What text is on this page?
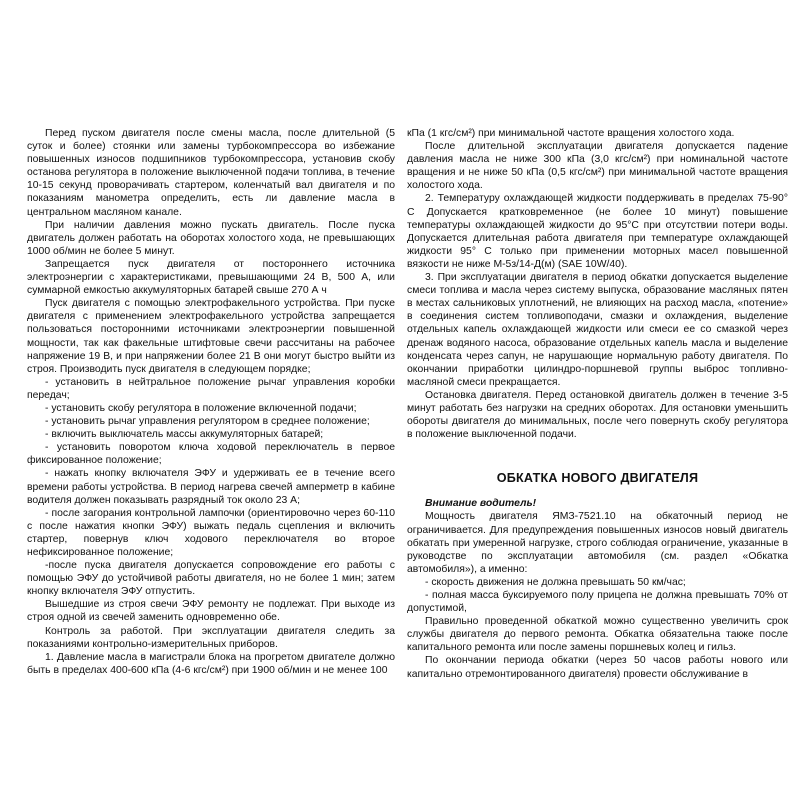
Перед пуском двигателя после смены масла, после длительной (5 суток и более) стоянки или замены турбокомпрессора во избежание повышенных износов подшипников турбокомпрессора, установив скобу останова регулятора в положение выключенной подачи топлива, в течение 10-15 секунд проворачивать стартером, коленчатый вал двигателя и по показаниям манометра определить, есть ли давление масла в центральном масляном канале.

При наличии давления можно пускать двигатель. После пуска двигатель должен работать на оборотах холостого хода, не превышающих 1000 об/мин не более 5 минут.

Запрещается пуск двигателя от постороннего источника электроэнергии с характеристиками, превышающими 24 В, 500 А, или суммарной емкостью аккумуляторных батарей свыше 270 А ч

Пуск двигателя с помощью электрофакельного устройства. При пуске двигателя с применением электрофакельного устройства запрещается пользоваться посторонними источниками электроэнергии повышенной мощности, так как факельные штифтовые свечи рассчитаны на рабочее напряжение 19 В, и при напряжении более 21 В они могут быстро выйти из строя. Производить пуск двигателя в следующем порядке;

- установить в нейтральное положение рычаг управления коробки передач;

- установить скобу регулятора в положение включенной подачи;

- установить рычаг управления регулятором в среднее положение;

- включить выключатель массы аккумуляторных батарей;

- установить поворотом ключа ходовой переключатель в первое фиксированное положение;

- нажать кнопку включателя ЭФУ и удерживать ее в течение всего времени работы устройства. В период нагрева свечей амперметр в кабине водителя должен показывать разрядный ток около 23 А;

- после загорания контрольной лампочки (ориентировочно через 60-110 с после нажатия кнопки ЭФУ) выжать педаль сцепления и включить стартер, повернув ключ ходового переключателя во второе нефиксированное положение;

-после пуска двигателя допускается сопровождение его работы с помощью ЭФУ до устойчивой работы двигателя, но не более 1 мин; затем кнопку включателя ЭФУ отпустить.

Вышедшие из строя свечи ЭФУ ремонту не подлежат. При выходе из строя одной из свечей заменить одновременно обе.

Контроль за работой. При эксплуатации двигателя следить за показаниями контрольно-измерительных приборов.

1. Давление масла в магистрали блока на прогретом двигателе должно быть в пределах 400-600 кПа (4-6 кгс/см²) при 1900 об/мин и не менее 100

кПа (1 кгс/см²) при минимальной частоте вращения холостого хода.

После длительной эксплуатации двигателя допускается падение давления масла не ниже 300 кПа (3,0 кгс/см²) при номинальной частоте вращения и не ниже 50 кПа (0,5 кгс/см²) при минимальной частоте вращения холостого хода.

2. Температуру охлаждающей жидкости поддерживать в пределах 75-90° С Допускается кратковременное (не более 10 минут) повышение температуры охлаждающей жидкости до 95°С при отсутствии потери воды. Допускается длительная работа двигателя при температуре охлаждающей жидкости 95° С только при применении моторных масел повышенной вязкости не ниже М-5з/14-Д(м) (SAE 10W/40).

3. При эксплуатации двигателя в период обкатки допускается выделение смеси топлива и масла через систему выпуска, образование масляных пятен в местах сальниковых уплотнений, не влияющих на расход масла, «потение» в соединения систем топливоподачи, смазки и охлаждения, выделение отдельных капель охлаждающей жидкости или смеси ее со смазкой через дренаж водяного насоса, образование отдельных капель масла и выделение конденсата через сапун, не нарушающие нормальную работу двигателя. По окончании приработки цилиндро-поршневой группы выброс топливно-масляной смеси прекращается.

Остановка двигателя. Перед остановкой двигатель должен в течение 3-5 минут работать без нагрузки на средних оборотах. Для остановки уменьшить обороты двигателя до минимальных, после чего повернуть скобу регулятора в положение выключенной подачи.

ОБКАТКА НОВОГО ДВИГАТЕЛЯ

Внимание водитель!

Мощность двигателя ЯМЗ-7521.10 на обкаточный период не ограничивается. Для предупреждения повышенных износов новый двигатель обкатать при умеренной нагрузке, строго соблюдая ограничение, указанные в руководстве по эксплуатации автомобиля (см. раздел «Обкатка автомобиля»), а именно:

- скорость движения не должна превышать 50 км/час;

- полная масса буксируемого полу прицепа не должна превышать 70% от допустимой,

Правильно проведенной обкаткой можно существенно увеличить срок службы двигателя до первого ремонта. Обкатка обязательна также после капитального ремонта или после замены поршневых колец и гильз.

По окончании периода обкатки (через 50 часов работы нового или капитально отремонтированного двигателя) провести обслуживание в
